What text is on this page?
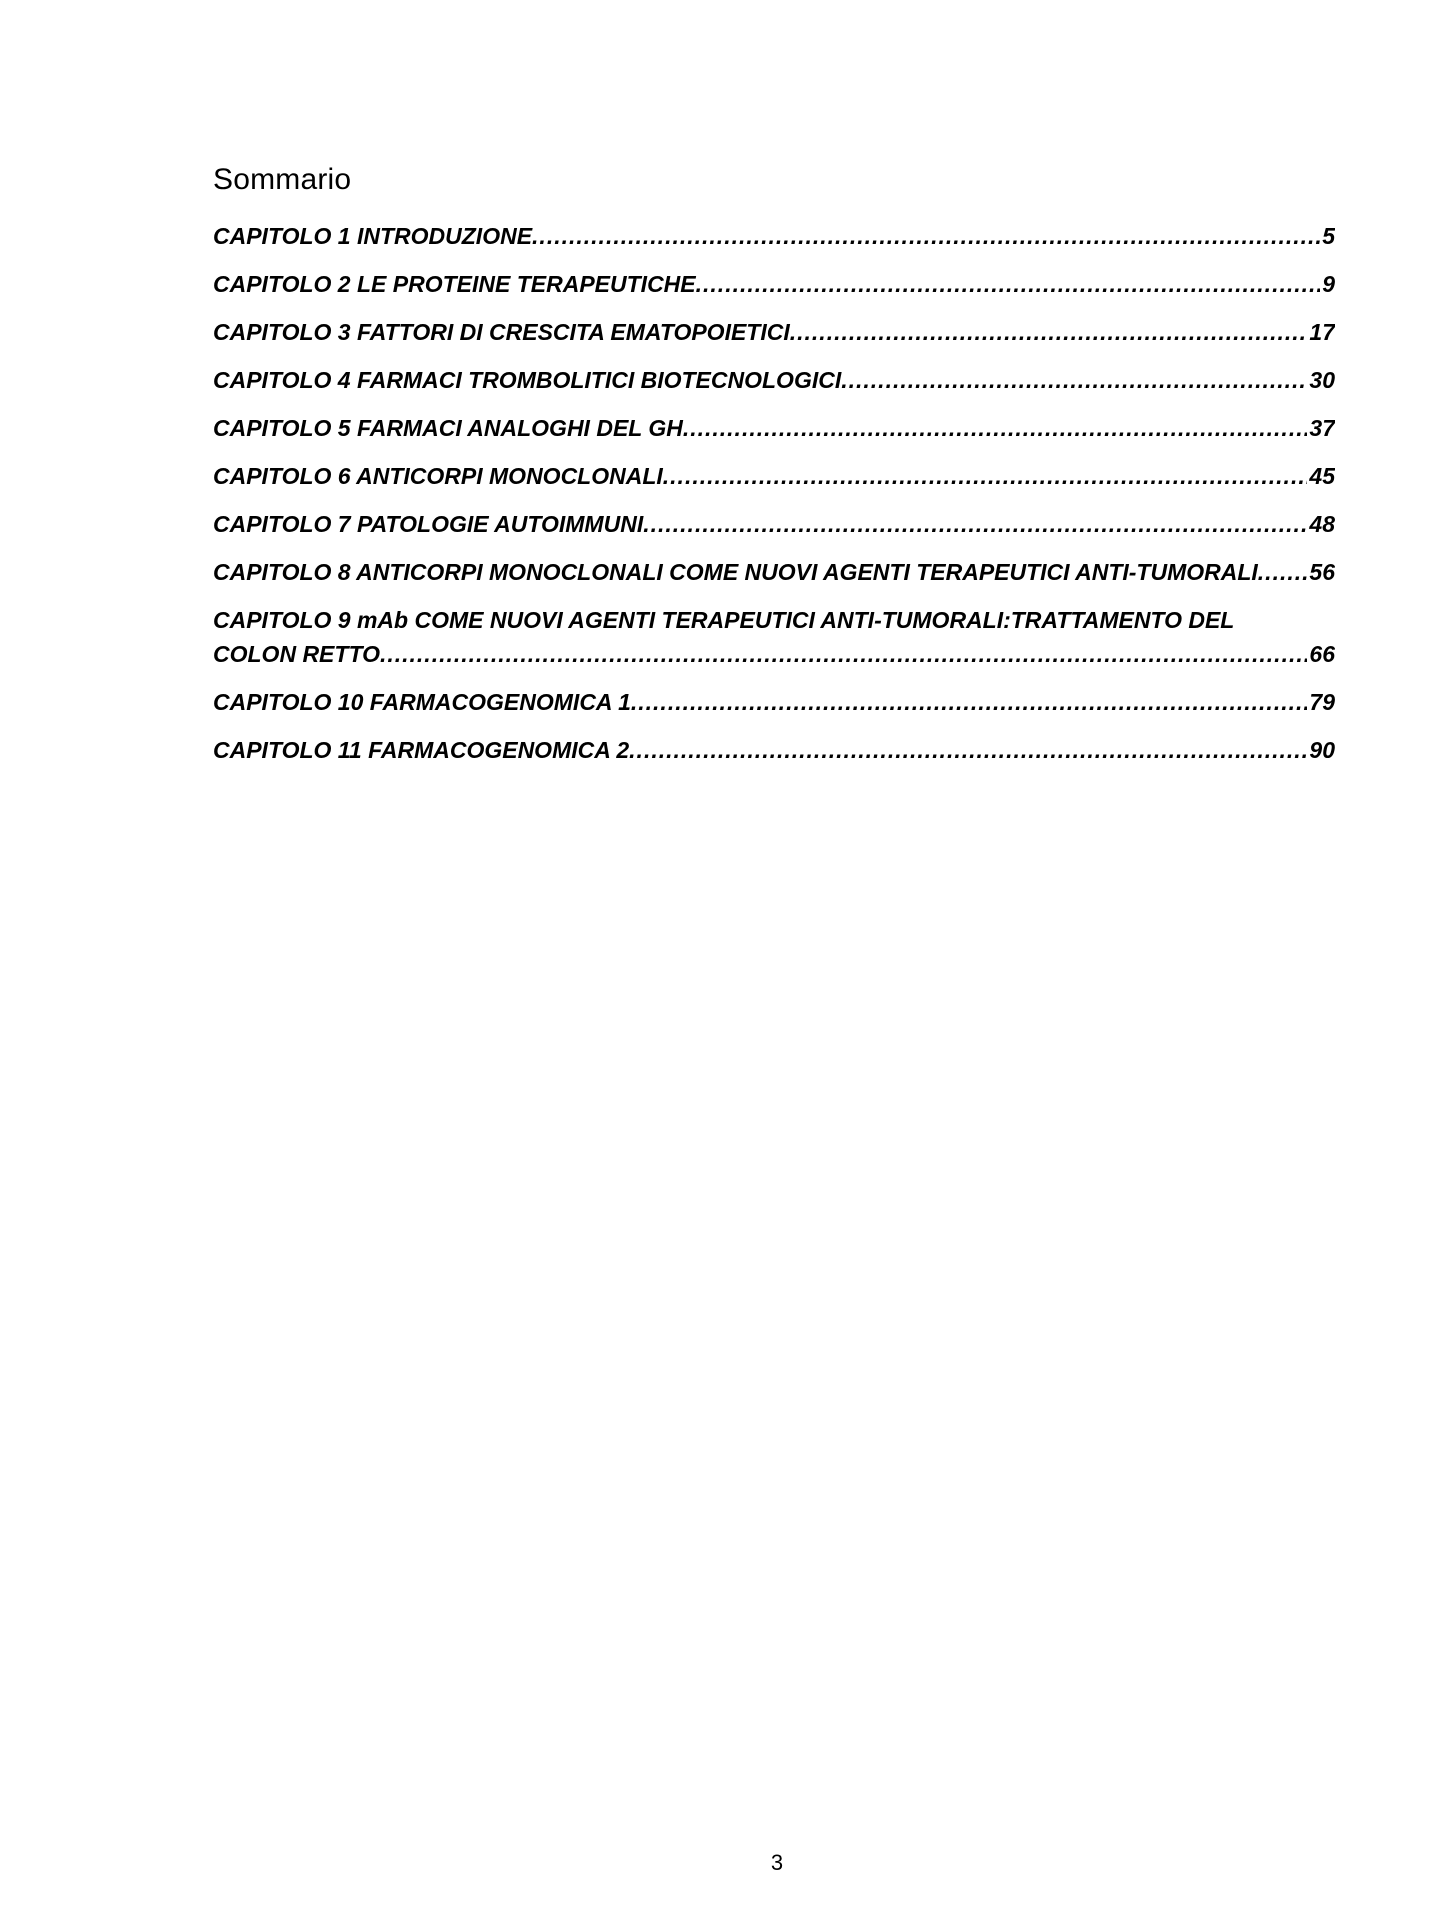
Sommario
CAPITOLO 1 INTRODUZIONE .....	5
CAPITOLO 2 LE PROTEINE TERAPEUTICHE .....	9
CAPITOLO 3 FATTORI DI CRESCITA EMATOPOIETICI .....	17
CAPITOLO 4 FARMACI TROMBOLITICI BIOTECNOLOGICI .....	30
CAPITOLO 5 FARMACI ANALOGHI DEL GH .....	37
CAPITOLO 6 ANTICORPI MONOCLONALI .....	45
CAPITOLO 7 PATOLOGIE AUTOIMMUNI .....	48
CAPITOLO 8 ANTICORPI MONOCLONALI COME NUOVI AGENTI TERAPEUTICI ANTI-TUMORALI ..... 56
CAPITOLO 9 mAb COME NUOVI AGENTI TERAPEUTICI ANTI-TUMORALI:TRATTAMENTO DEL
COLON RETTO .....	66
CAPITOLO 10 FARMACOGENOMICA 1 .....	79
CAPITOLO 11 FARMACOGENOMICA 2 .....	90
3
